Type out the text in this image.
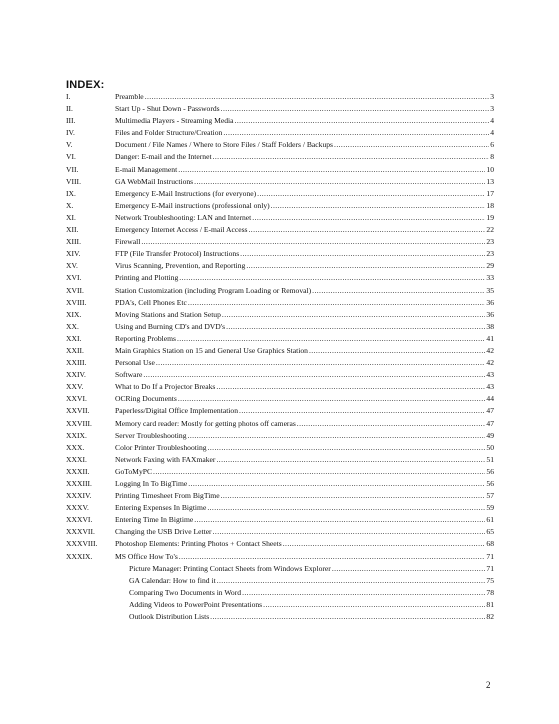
INDEX:
I.	Preamble .....	3
II.	Start Up - Shut Down - Passwords .....	3
III.	Multimedia Players - Streaming Media .....	4
IV.	Files and Folder Structure/Creation .....	4
V.	Document / File Names / Where to Store Files / Staff Folders / Backups .....	6
VI.	Danger: E-mail and the Internet .....	8
VII.	E-mail Management .....	10
VIII.	GA WebMail Instructions .....	13
IX.	Emergency E-Mail Instructions (for everyone) .....	17
X.	Emergency E-Mail instructions (professional only) .....	18
XI.	Network Troubleshooting: LAN and Internet .....	19
XII.	Emergency Internet Access / E-mail Access .....	22
XIII.	Firewall .....	23
XIV.	FTP (File Transfer Protocol) Instructions .....	23
XV.	Virus Scanning, Prevention, and Reporting .....	29
XVI.	Printing and Plotting .....	33
XVII.	Station Customization (including Program Loading or Removal) .....	35
XVIII.	PDA's, Cell Phones Etc .....	36
XIX.	Moving Stations and Station Setup .....	36
XX.	Using and Burning CD's and DVD's .....	38
XXI.	Reporting Problems .....	41
XXII.	Main Graphics Station on 15 and General Use Graphics Station .....	42
XXIII.	Personal Use .....	42
XXIV.	Software .....	43
XXV.	What to Do If a Projector Breaks .....	43
XXVI.	OCRing Documents .....	44
XXVII.	Paperless/Digital Office Implementation .....	47
XXVIII.	Memory card reader: Mostly for getting photos off cameras .....	47
XXIX.	Server Troubleshooting .....	49
XXX.	Color Printer Troubleshooting .....	50
XXXI.	Network Faxing with FAXmaker .....	51
XXXII.	GoToMyPC .....	56
XXXIII.	Logging In To BigTime .....	56
XXXIV.	Printing Timesheet From BigTime .....	57
XXXV.	Entering Expenses In Bigtime .....	59
XXXVI.	Entering Time In Bigtime .....	61
XXXVII.	Changing the USB Drive Letter .....	65
XXXVIII.	Photoshop Elements: Printing Photos + Contact Sheets .....	68
XXXIX.	MS Office How To's .....	71
Picture Manager: Printing Contact Sheets from Windows Explorer .....	71
GA Calendar: How to find it .....	75
Comparing Two Documents in Word .....	78
Adding Videos to PowerPoint Presentations .....	81
Outlook Distribution Lists .....	82
2
